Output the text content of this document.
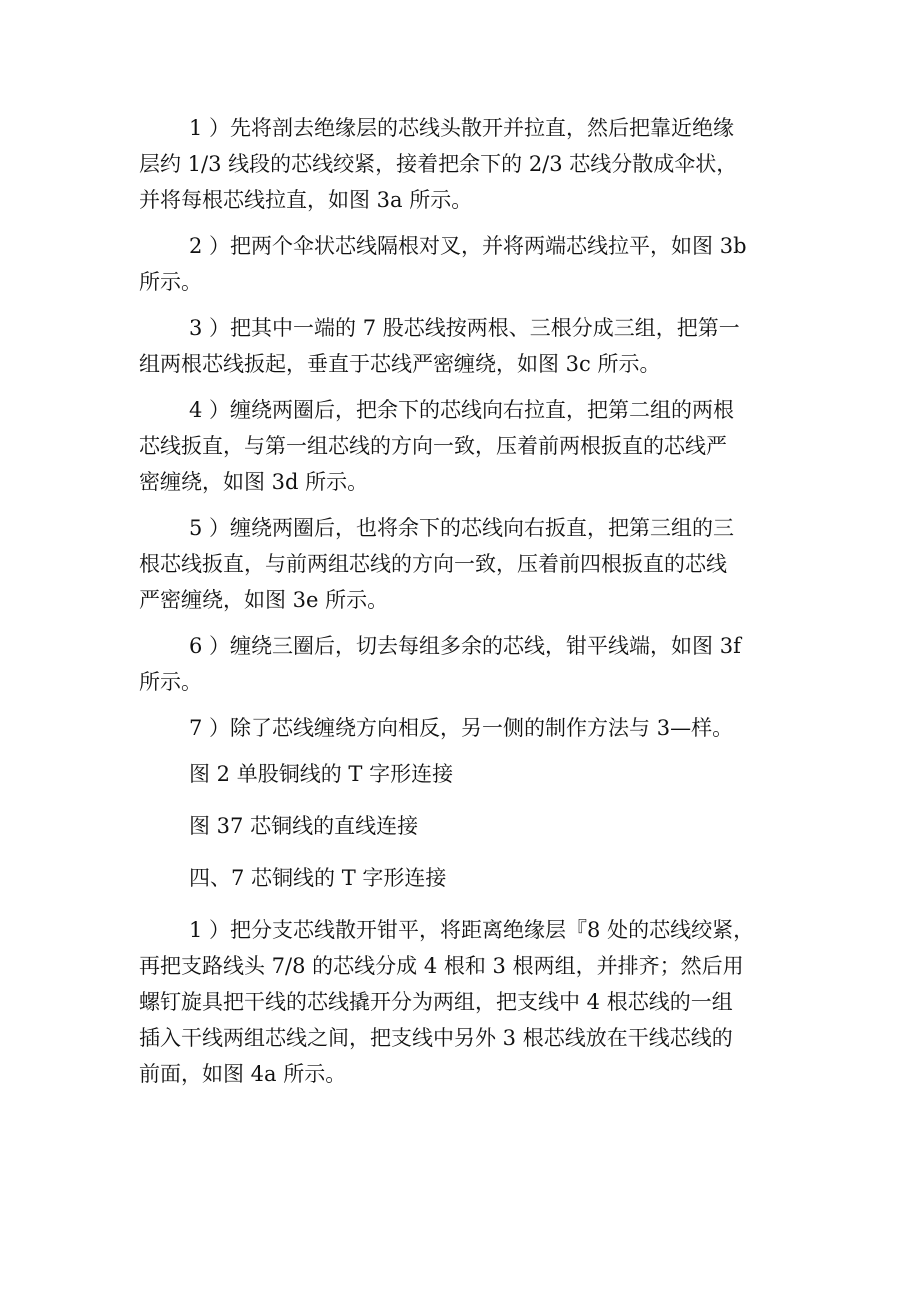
1 ）先将剖去绝缘层的芯线头散开并拉直，然后把靠近绝缘
层约 1/3 线段的芯线绞紧，接着把余下的 2/3 芯线分散成伞状，
并将每根芯线拉直，如图 3a 所示。

2 ）把两个伞状芯线隔根对叉，并将两端芯线拉平，如图 3b
所示。

3 ）把其中一端的 7 股芯线按两根、三根分成三组，把第一
组两根芯线扳起，垂直于芯线严密缠绕，如图 3c 所示。

4 ）缠绕两圈后，把余下的芯线向右拉直，把第二组的两根
芯线扳直，与第一组芯线的方向一致，压着前两根扳直的芯线严
密缠绕，如图 3d 所示。

5 ）缠绕两圈后，也将余下的芯线向右扳直，把第三组的三
根芯线扳直，与前两组芯线的方向一致，压着前四根扳直的芯线
严密缠绕，如图 3e 所示。

6 ）缠绕三圈后，切去每组多余的芯线，钳平线端，如图 3f
所示。

7 ）除了芯线缠绕方向相反，另一侧的制作方法与 3—样。

图 2 单股铜线的 T 字形连接

图 37 芯铜线的直线连接

四、7 芯铜线的 T 字形连接

1 ）把分支芯线散开钳平，将距离绝缘层『8 处的芯线绞紧，
再把支路线头 7/8 的芯线分成 4 根和 3 根两组，并排齐；然后用
螺钉旋具把干线的芯线撬开分为两组，把支线中 4 根芯线的一组
插入干线两组芯线之间，把支线中另外 3 根芯线放在干线芯线的
前面，如图 4a 所示。
